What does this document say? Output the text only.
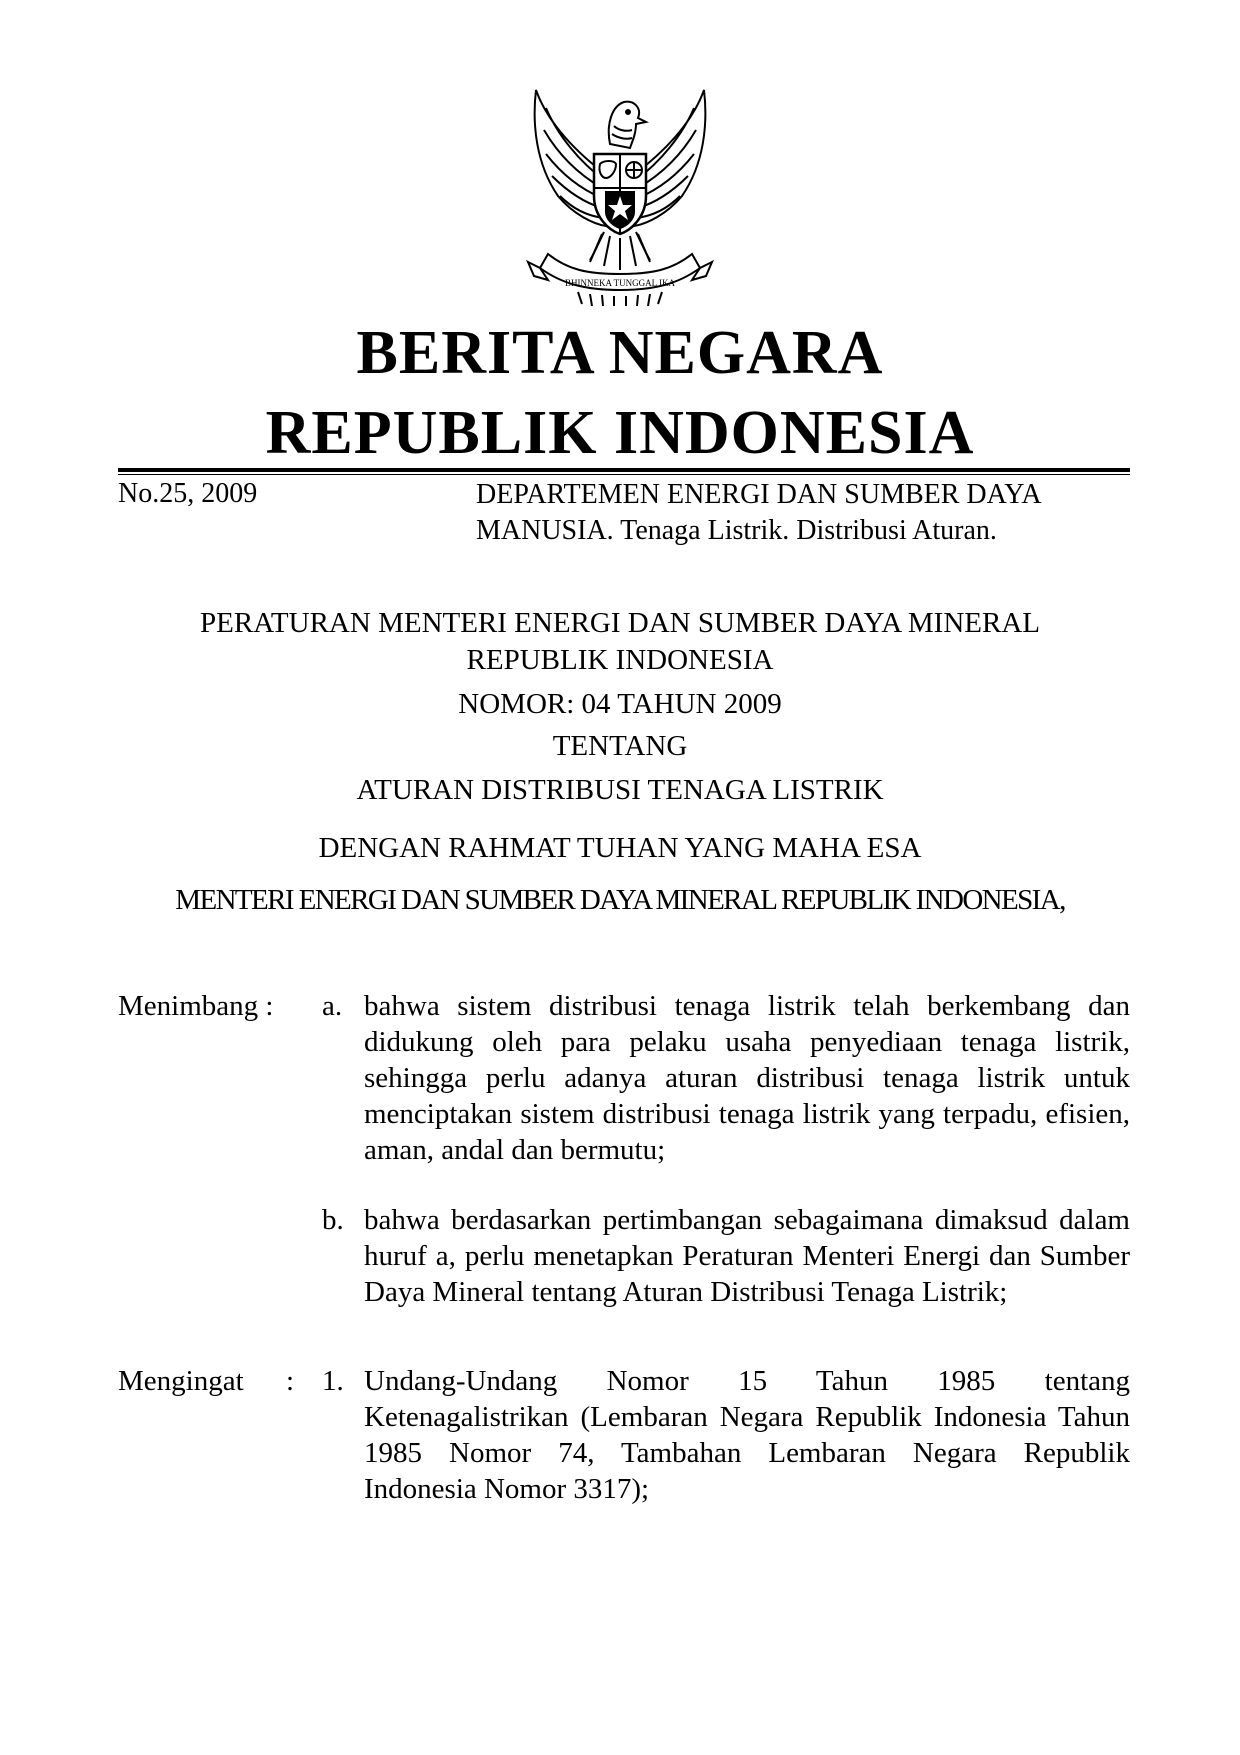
BHINNEKA TUNGGAL IKA
BERITA NEGARA
REPUBLIK INDONESIA
No.25, 2009	DEPARTEMEN ENERGI DAN SUMBER DAYA MANUSIA. Tenaga Listrik. Distribusi Aturan.
PERATURAN MENTERI ENERGI DAN SUMBER DAYA MINERAL
REPUBLIK INDONESIA
NOMOR: 04 TAHUN 2009
TENTANG
ATURAN DISTRIBUSI TENAGA LISTRIK
DENGAN RAHMAT TUHAN YANG MAHA ESA
MENTERI ENERGI DAN SUMBER DAYA MINERAL REPUBLIK INDONESIA,
Menimbang : a. bahwa sistem distribusi tenaga listrik telah berkembang dan didukung oleh para pelaku usaha penyediaan tenaga listrik, sehingga perlu adanya aturan distribusi tenaga listrik untuk menciptakan sistem distribusi tenaga listrik yang terpadu, efisien, aman, andal dan bermutu;
b. bahwa berdasarkan pertimbangan sebagaimana dimaksud dalam huruf a, perlu menetapkan Peraturan Menteri Energi dan Sumber Daya Mineral tentang Aturan Distribusi Tenaga Listrik;
Mengingat : 1. Undang-Undang Nomor 15 Tahun 1985 tentang Ketenagalistrikan (Lembaran Negara Republik Indonesia Tahun 1985 Nomor 74, Tambahan Lembaran Negara Republik Indonesia Nomor 3317);
